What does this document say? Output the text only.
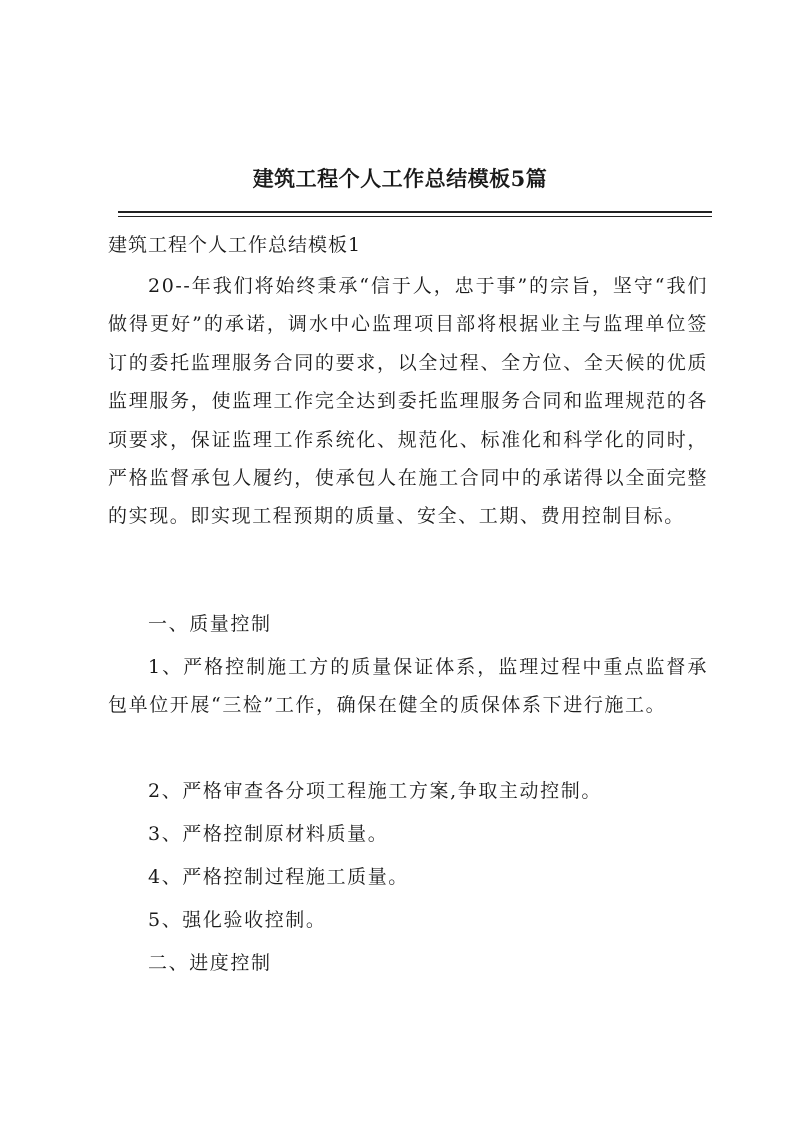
建筑工程个人工作总结模板5篇
建筑工程个人工作总结模板1

20--年我们将始终秉承“信于人，忠于事”的宗旨，坚守“我们做得更好”的承诺，调水中心监理项目部将根据业主与监理单位签订的委托监理服务合同的要求，以全过程、全方位、全天候的优质监理服务，使监理工作完全达到委托监理服务合同和监理规范的各项要求，保证监理工作系统化、规范化、标准化和科学化的同时，严格监督承包人履约，使承包人在施工合同中的承诺得以全面完整的实现。即实现工程预期的质量、安全、工期、费用控制目标。

一、质量控制

1、严格控制施工方的质量保证体系，监理过程中重点监督承包单位开展“三检”工作，确保在健全的质保体系下进行施工。

2、严格审查各分项工程施工方案,争取主动控制。

3、严格控制原材料质量。

4、严格控制过程施工质量。

5、强化验收控制。

二、进度控制
